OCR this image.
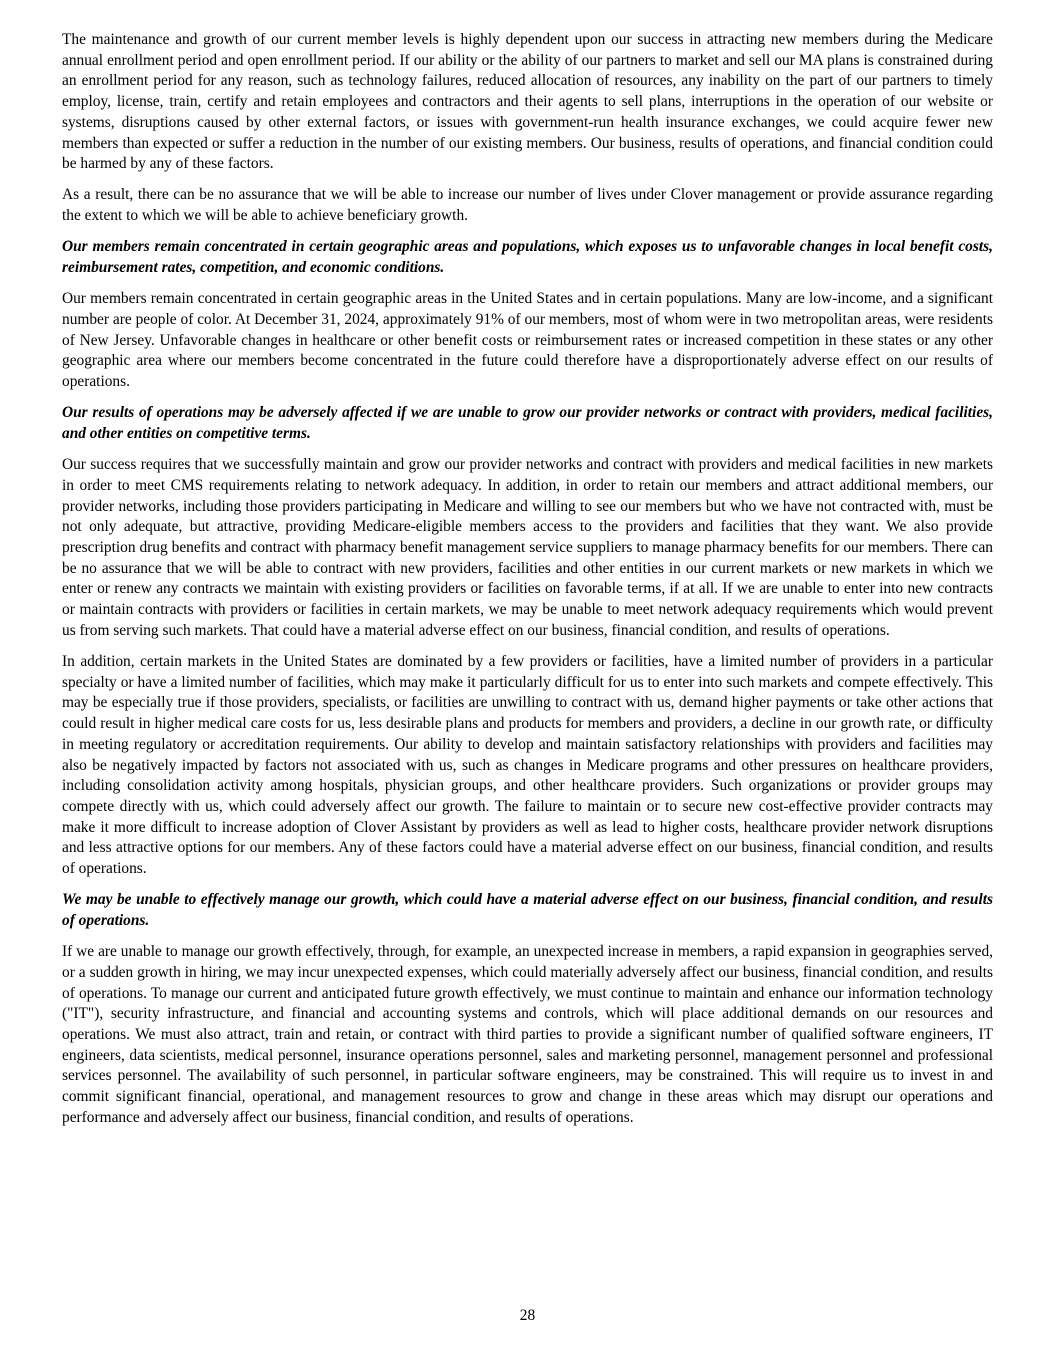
The maintenance and growth of our current member levels is highly dependent upon our success in attracting new members during the Medicare annual enrollment period and open enrollment period. If our ability or the ability of our partners to market and sell our MA plans is constrained during an enrollment period for any reason, such as technology failures, reduced allocation of resources, any inability on the part of our partners to timely employ, license, train, certify and retain employees and contractors and their agents to sell plans, interruptions in the operation of our website or systems, disruptions caused by other external factors, or issues with government-run health insurance exchanges, we could acquire fewer new members than expected or suffer a reduction in the number of our existing members. Our business, results of operations, and financial condition could be harmed by any of these factors.

As a result, there can be no assurance that we will be able to increase our number of lives under Clover management or provide assurance regarding the extent to which we will be able to achieve beneficiary growth.

Our members remain concentrated in certain geographic areas and populations, which exposes us to unfavorable changes in local benefit costs, reimbursement rates, competition, and economic conditions.

Our members remain concentrated in certain geographic areas in the United States and in certain populations. Many are low-income, and a significant number are people of color. At December 31, 2024, approximately 91% of our members, most of whom were in two metropolitan areas, were residents of New Jersey. Unfavorable changes in healthcare or other benefit costs or reimbursement rates or increased competition in these states or any other geographic area where our members become concentrated in the future could therefore have a disproportionately adverse effect on our results of operations.

Our results of operations may be adversely affected if we are unable to grow our provider networks or contract with providers, medical facilities, and other entities on competitive terms.

Our success requires that we successfully maintain and grow our provider networks and contract with providers and medical facilities in new markets in order to meet CMS requirements relating to network adequacy. In addition, in order to retain our members and attract additional members, our provider networks, including those providers participating in Medicare and willing to see our members but who we have not contracted with, must be not only adequate, but attractive, providing Medicare-eligible members access to the providers and facilities that they want. We also provide prescription drug benefits and contract with pharmacy benefit management service suppliers to manage pharmacy benefits for our members. There can be no assurance that we will be able to contract with new providers, facilities and other entities in our current markets or new markets in which we enter or renew any contracts we maintain with existing providers or facilities on favorable terms, if at all. If we are unable to enter into new contracts or maintain contracts with providers or facilities in certain markets, we may be unable to meet network adequacy requirements which would prevent us from serving such markets. That could have a material adverse effect on our business, financial condition, and results of operations.

In addition, certain markets in the United States are dominated by a few providers or facilities, have a limited number of providers in a particular specialty or have a limited number of facilities, which may make it particularly difficult for us to enter into such markets and compete effectively. This may be especially true if those providers, specialists, or facilities are unwilling to contract with us, demand higher payments or take other actions that could result in higher medical care costs for us, less desirable plans and products for members and providers, a decline in our growth rate, or difficulty in meeting regulatory or accreditation requirements. Our ability to develop and maintain satisfactory relationships with providers and facilities may also be negatively impacted by factors not associated with us, such as changes in Medicare programs and other pressures on healthcare providers, including consolidation activity among hospitals, physician groups, and other healthcare providers. Such organizations or provider groups may compete directly with us, which could adversely affect our growth. The failure to maintain or to secure new cost-effective provider contracts may make it more difficult to increase adoption of Clover Assistant by providers as well as lead to higher costs, healthcare provider network disruptions and less attractive options for our members. Any of these factors could have a material adverse effect on our business, financial condition, and results of operations.

We may be unable to effectively manage our growth, which could have a material adverse effect on our business, financial condition, and results of operations.

If we are unable to manage our growth effectively, through, for example, an unexpected increase in members, a rapid expansion in geographies served, or a sudden growth in hiring, we may incur unexpected expenses, which could materially adversely affect our business, financial condition, and results of operations. To manage our current and anticipated future growth effectively, we must continue to maintain and enhance our information technology ("IT"), security infrastructure, and financial and accounting systems and controls, which will place additional demands on our resources and operations. We must also attract, train and retain, or contract with third parties to provide a significant number of qualified software engineers, IT engineers, data scientists, medical personnel, insurance operations personnel, sales and marketing personnel, management personnel and professional services personnel. The availability of such personnel, in particular software engineers, may be constrained. This will require us to invest in and commit significant financial, operational, and management resources to grow and change in these areas which may disrupt our operations and performance and adversely affect our business, financial condition, and results of operations.

28
